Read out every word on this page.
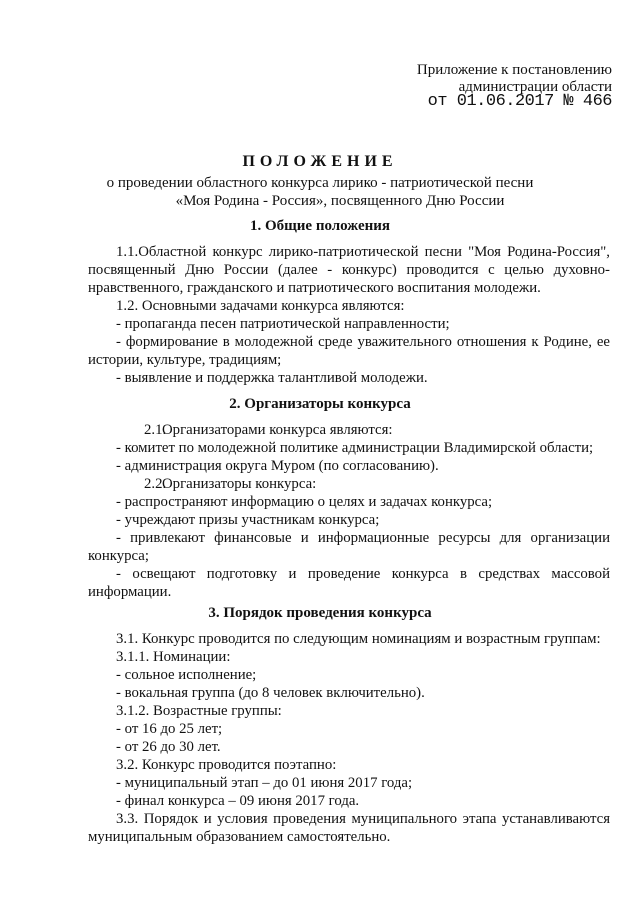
Приложение к постановлению
администрации области
от 01.06.2017 № 466
ПОЛОЖЕНИЕ
о проведении областного конкурса лирико - патриотической песни
«Моя Родина - Россия», посвященного Дню России
1. Общие положения
1.1.Областной конкурс лирико-патриотической песни "Моя Родина-Россия", посвященный Дню России (далее - конкурс) проводится с целью духовно-нравственного, гражданского и патриотического воспитания молодежи.
1.2. Основными задачами конкурса являются:
- пропаганда песен патриотической направленности;
- формирование в молодежной среде уважительного отношения к Родине, ее истории, культуре, традициям;
- выявление и поддержка талантливой молодежи.
2. Организаторы конкурса
2.1.Организаторами конкурса являются:
- комитет по молодежной политике администрации Владимирской области;
- администрация округа Муром (по согласованию).
2.2.Организаторы конкурса:
- распространяют информацию о целях и задачах конкурса;
- учреждают призы участникам конкурса;
- привлекают финансовые и информационные ресурсы для организации конкурса;
- освещают подготовку и проведение конкурса в средствах массовой информации.
3. Порядок проведения конкурса
3.1. Конкурс проводится по следующим номинациям и возрастным группам:
3.1.1. Номинации:
- сольное исполнение;
- вокальная группа (до 8 человек включительно).
3.1.2. Возрастные группы:
- от 16 до 25 лет;
- от 26 до 30 лет.
3.2. Конкурс проводится поэтапно:
- муниципальный этап – до 01 июня 2017 года;
- финал конкурса – 09 июня 2017 года.
3.3. Порядок и условия проведения муниципального этапа устанавливаются муниципальным образованием самостоятельно.
